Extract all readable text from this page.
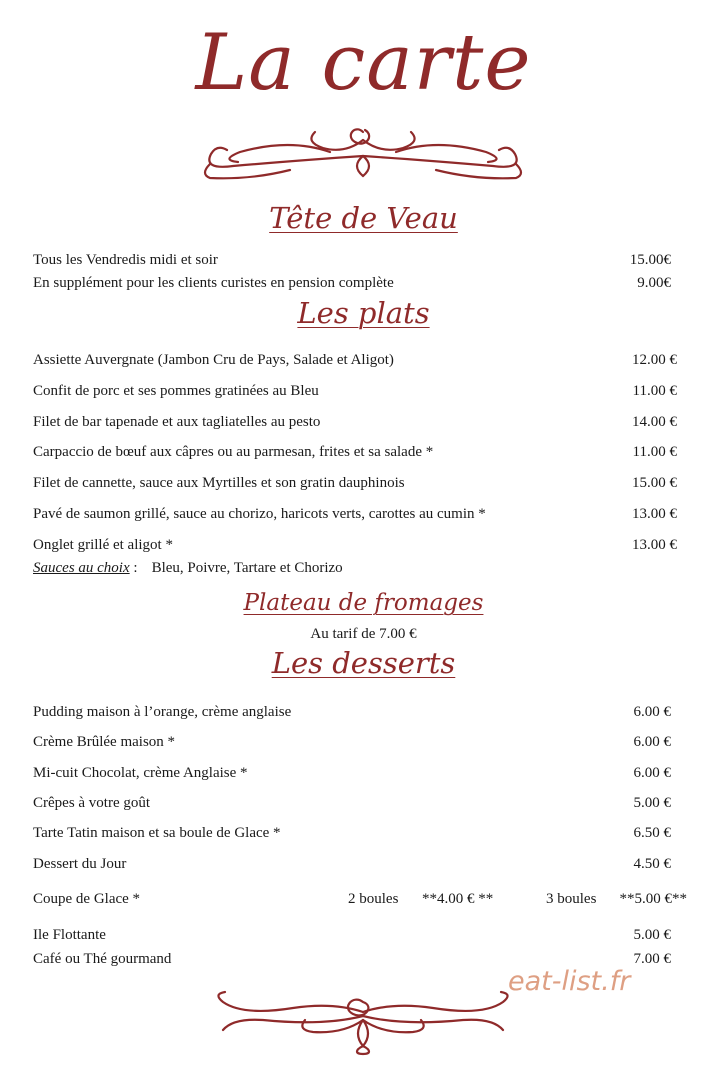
La carte
Tête de Veau
Tous les Vendredis midi et soir	15.00€
En supplément pour les clients curistes en pension complète	9.00€
Les plats
Assiette Auvergnate (Jambon Cru de Pays, Salade et Aligot)	12.00 €
Confit de porc et ses pommes gratinées au Bleu	11.00 €
Filet de bar tapenade et aux tagliatelles au pesto	14.00 €
Carpaccio de bœuf aux câpres ou au parmesan, frites et sa salade *	11.00 €
Filet de cannette, sauce aux Myrtilles et son gratin dauphinois	15.00 €
Pavé de saumon grillé, sauce au chorizo, haricots verts, carottes au cumin *	13.00 €
Onglet grillé et aligot *	13.00 €
Sauces au choix : Bleu, Poivre, Tartare et Chorizo
Plateau de fromages
Au tarif de 7.00 €
Les desserts
Pudding maison à l’orange, crème anglaise	6.00 €
Crème Brûlée maison *	6.00 €
Mi-cuit Chocolat, crème Anglaise *	6.00 €
Crêpes à votre goût	5.00 €
Tarte Tatin maison et sa boule de Glace *	6.50 €
Dessert du Jour	4.50 €
Coupe de Glace *	2 boules **4.00 € **	3 boules **5.00 €**
Ile Flottante	5.00 €
Café ou Thé gourmand	7.00 €
eat-list.fr
